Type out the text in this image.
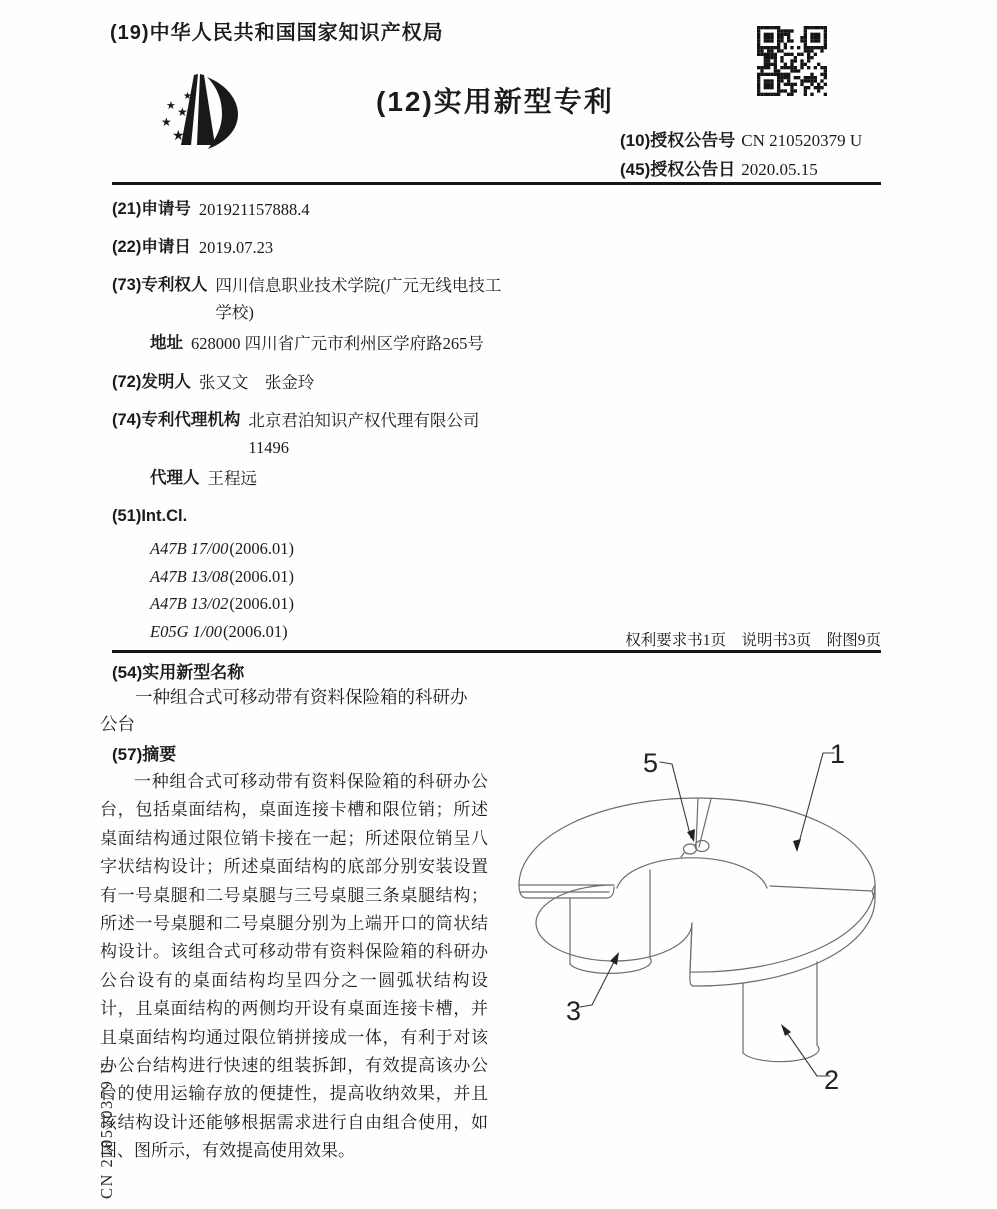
(19)中华人民共和国国家知识产权局
★
★ ★
★
★
(12)实用新型专利
(10)授权公告号 CN 210520379 U
(45)授权公告日 2020.05.15
(21)申请号 201921157888.4
(22)申请日 2019.07.23
(73)专利权人 四川信息职业技术学院(广元无线电技工学校)
地址 628000 四川省广元市利州区学府路265号
(72)发明人 张又文　张金玲
(74)专利代理机构 北京君泊知识产权代理有限公司 11496
代理人 王程远
(51)Int.Cl.
A47B 17/00(2006.01)
A47B 13/08(2006.01)
A47B 13/02(2006.01)
E05G 1/00(2006.01)	权利要求书1页　说明书3页　附图9页
(54)实用新型名称
一种组合式可移动带有资料保险箱的科研办公台
(57)摘要
一种组合式可移动带有资料保险箱的科研办公台，包括桌面结构，桌面连接卡槽和限位销；所述桌面结构通过限位销卡接在一起；所述限位销呈八字状结构设计；所述桌面结构的底部分别安装设置有一号桌腿和二号桌腿与三号桌腿三条桌腿结构；所述一号桌腿和二号桌腿分别为上端开口的筒状结构设计。该组合式可移动带有资料保险箱的科研办公台设有的桌面结构均呈四分之一圆弧状结构设计，且桌面结构的两侧均开设有桌面连接卡槽，并且桌面结构均通过限位销拼接成一体，有利于对该办公台结构进行快速的组装拆卸，有效提高该办公台的使用运输存放的便捷性，提高收纳效果，并且该结构设计还能够根据需求进行自由组合使用，如图、图所示，有效提高使用效果。
CN 210520379 U
5	1
3
2
